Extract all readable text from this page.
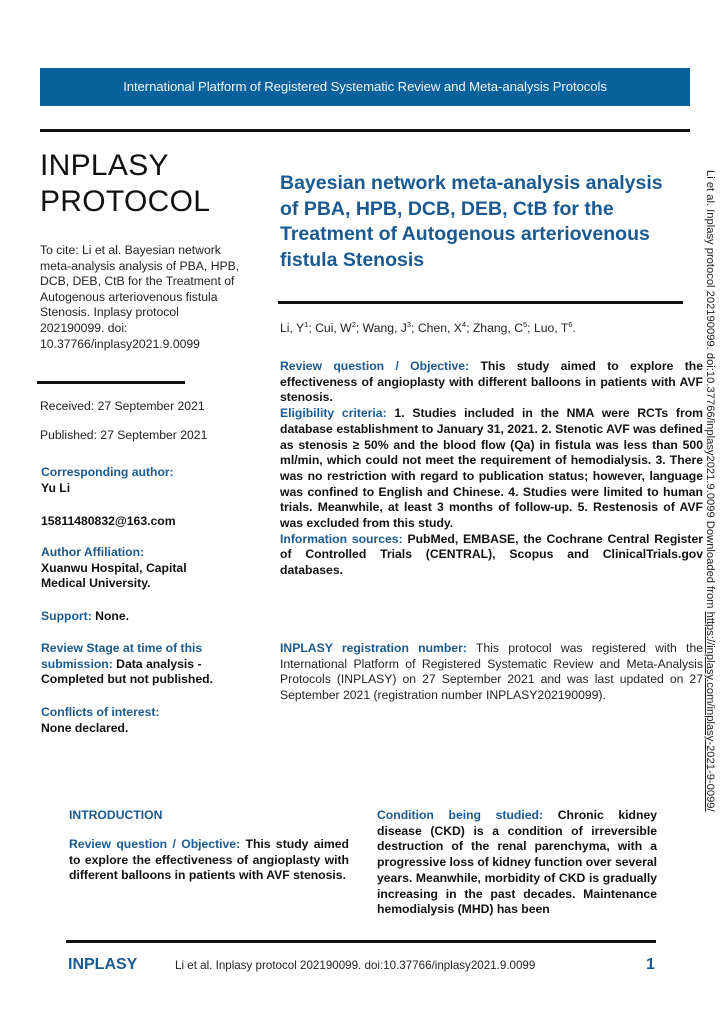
International Platform of Registered Systematic Review and Meta-analysis Protocols
INPLASY
PROTOCOL
To cite: Li et al. Bayesian network meta-analysis analysis of PBA, HPB, DCB, DEB, CtB for the Treatment of Autogenous arteriovenous fistula Stenosis. Inplasy protocol 202190099. doi: 10.37766/inplasy2021.9.0099
Received: 27 September 2021
Published: 27 September 2021
Corresponding author:
Yu Li
15811480832@163.com
Author Affiliation:
Xuanwu Hospital, Capital Medical University.
Support: None.
Review Stage at time of this submission: Data analysis - Completed but not published.
Conflicts of interest:
None declared.
Bayesian network meta-analysis analysis of PBA, HPB, DCB, DEB, CtB for the Treatment of Autogenous arteriovenous fistula Stenosis
Li, $Y^1$; Cui, $W^2$; Wang, $J^3$; Chen, $X^4$; Zhang, $C^5$; Luo, $T^6$.
Review question / Objective: This study aimed to explore the effectiveness of angioplasty with different balloons in patients with AVF stenosis.
Eligibility criteria: 1. Studies included in the NMA were RCTs from database establishment to January 31, 2021. 2. Stenotic AVF was defined as stenosis ≥ 50% and the blood flow (Qa) in fistula was less than 500 ml/min, which could not meet the requirement of hemodialysis. 3. There was no restriction with regard to publication status; however, language was confined to English and Chinese. 4. Studies were limited to human trials. Meanwhile, at least 3 months of follow-up. 5. Restenosis of AVF was excluded from this study.
Information sources: PubMed, EMBASE, the Cochrane Central Register of Controlled Trials (CENTRAL), Scopus and ClinicalTrials.gov databases.
INPLASY registration number: This protocol was registered with the International Platform of Registered Systematic Review and Meta-Analysis Protocols (INPLASY) on 27 September 2021 and was last updated on 27 September 2021 (registration number INPLASY202190099).
INTRODUCTION
Review question / Objective: This study aimed to explore the effectiveness of angioplasty with different balloons in patients with AVF stenosis.
Condition being studied: Chronic kidney disease (CKD) is a condition of irreversible destruction of the renal parenchyma, with a progressive loss of kidney function over several years. Meanwhile, morbidity of CKD is gradually increasing in the past decades. Maintenance hemodialysis (MHD) has been
Li et al. Inplasy protocol 202190099. doi:10.37766/inplasy2021.9.0099 Downloaded from https://inplasy.com/inplasy-2021-9-0099/
INPLASY	Li et al. Inplasy protocol 202190099. doi:10.37766/inplasy2021.9.0099	1
